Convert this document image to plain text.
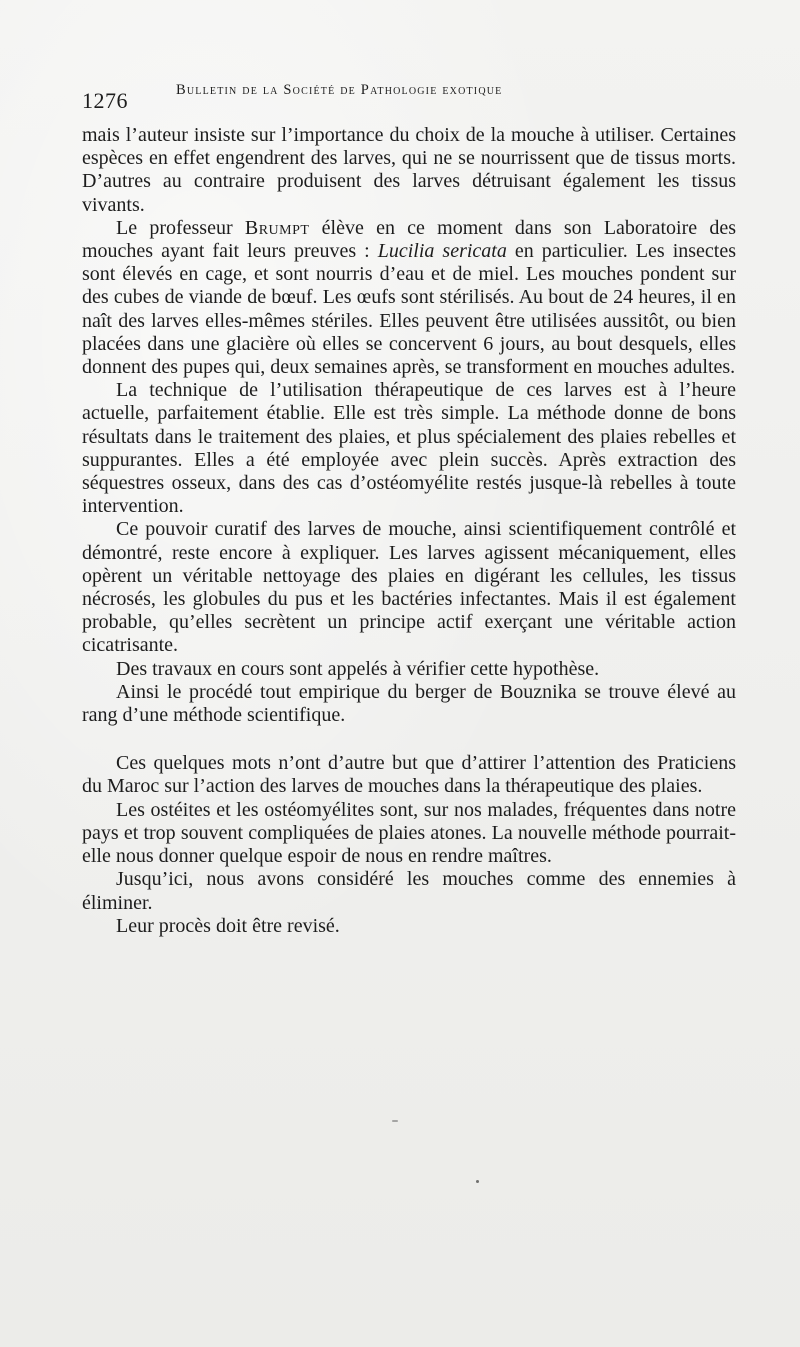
1276	Bulletin de la Société de Pathologie exotique

mais l’auteur insiste sur l’importance du choix de la mouche à utiliser. Certaines espèces en effet engendrent des larves, qui ne se nourrissent que de tissus morts. D’autres au contraire produisent des larves détruisant également les tissus vivants.

Le professeur Brumpt élève en ce moment dans son Laboratoire des mouches ayant fait leurs preuves : Lucilia sericata en particulier. Les insectes sont élevés en cage, et sont nourris d’eau et de miel. Les mouches pondent sur des cubes de viande de bœuf. Les œufs sont stérilisés. Au bout de 24 heures, il en naît des larves elles-mêmes stériles. Elles peuvent être utilisées aussitôt, ou bien placées dans une glacière où elles se concervent 6 jours, au bout desquels, elles donnent des pupes qui, deux semaines après, se transforment en mouches adultes.

La technique de l’utilisation thérapeutique de ces larves est à l’heure actuelle, parfaitement établie. Elle est très simple. La méthode donne de bons résultats dans le traitement des plaies, et plus spécialement des plaies rebelles et suppurantes. Elles a été employée avec plein succès. Après extraction des séquestres osseux, dans des cas d’ostéomyélite restés jusque-là rebelles à toute intervention.

Ce pouvoir curatif des larves de mouche, ainsi scientifiquement contrôlé et démontré, reste encore à expliquer. Les larves agissent mécaniquement, elles opèrent un véritable nettoyage des plaies en digérant les cellules, les tissus nécrosés, les globules du pus et les bactéries infectantes. Mais il est également probable, qu’elles secrètent un principe actif exerçant une véritable action cicatrisante.

Des travaux en cours sont appelés à vérifier cette hypothèse.

Ainsi le procédé tout empirique du berger de Bouznika se trouve élevé au rang d’une méthode scientifique.

Ces quelques mots n’ont d’autre but que d’attirer l’attention des Praticiens du Maroc sur l’action des larves de mouches dans la thérapeutique des plaies.

Les ostéites et les ostéomyélites sont, sur nos malades, fréquentes dans notre pays et trop souvent compliquées de plaies atones. La nouvelle méthode pourrait-elle nous donner quelque espoir de nous en rendre maîtres.

Jusqu’ici, nous avons considéré les mouches comme des ennemies à éliminer.

Leur procès doit être revisé.
